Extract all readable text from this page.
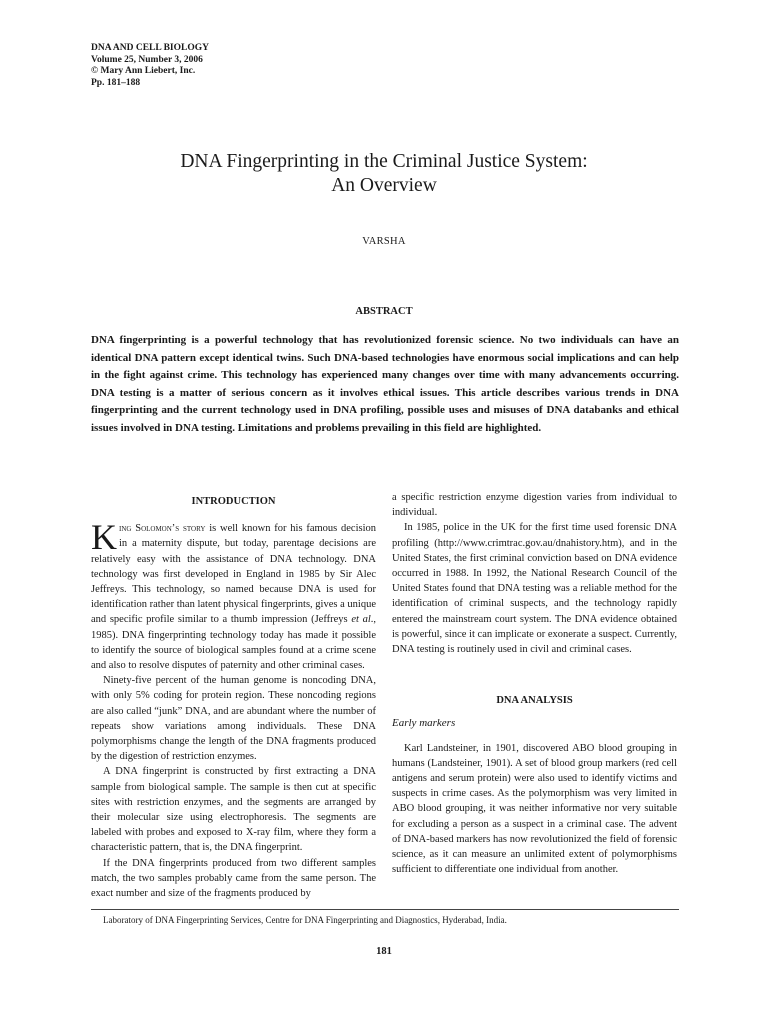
DNA AND CELL BIOLOGY
Volume 25, Number 3, 2006
© Mary Ann Liebert, Inc.
Pp. 181–188
DNA Fingerprinting in the Criminal Justice System:
An Overview
VARSHA
ABSTRACT
DNA fingerprinting is a powerful technology that has revolutionized forensic science. No two individuals can have an identical DNA pattern except identical twins. Such DNA-based technologies have enormous social implications and can help in the fight against crime. This technology has experienced many changes over time with many advancements occurring. DNA testing is a matter of serious concern as it involves ethical issues. This article describes various trends in DNA fingerprinting and the current technology used in DNA profiling, possible uses and misuses of DNA databanks and ethical issues involved in DNA testing. Limitations and problems prevailing in this field are highlighted.
INTRODUCTION

King Solomon’s story is well known for his famous decision in a maternity dispute, but today, parentage decisions are relatively easy with the assistance of DNA technology. DNA technology was first developed in England in 1985 by Sir Alec Jeffreys. This technology, so named because DNA is used for identification rather than latent physical fingerprints, gives a unique and specific profile similar to a thumb impression (Jeffreys et al., 1985). DNA fingerprinting technology today has made it possible to identify the source of biological samples found at a crime scene and also to resolve disputes of paternity and other criminal cases.

Ninety-five percent of the human genome is noncoding DNA, with only 5% coding for protein region. These noncoding regions are also called “junk” DNA, and are abundant where the number of repeats show variations among individuals. These DNA polymorphisms change the length of the DNA fragments produced by the digestion of restriction enzymes.

A DNA fingerprint is constructed by first extracting a DNA sample from biological sample. The sample is then cut at specific sites with restriction enzymes, and the segments are arranged by their molecular size using electrophoresis. The segments are labeled with probes and exposed to X-ray film, where they form a characteristic pattern, that is, the DNA fingerprint.

If the DNA fingerprints produced from two different samples match, the two samples probably came from the same person. The exact number and size of the fragments produced by

a specific restriction enzyme digestion varies from individual to individual.

In 1985, police in the UK for the first time used forensic DNA profiling (http://www.crimtrac.gov.au/dnahistory.htm), and in the United States, the first criminal conviction based on DNA evidence occurred in 1988. In 1992, the National Research Council of the United States found that DNA testing was a reliable method for the identification of criminal suspects, and the technology rapidly entered the mainstream court system. The DNA evidence obtained is powerful, since it can implicate or exonerate a suspect. Currently, DNA testing is routinely used in civil and criminal cases.

DNA ANALYSIS
Early markers

Karl Landsteiner, in 1901, discovered ABO blood grouping in humans (Landsteiner, 1901). A set of blood group markers (red cell antigens and serum protein) were also used to identify victims and suspects in crime cases. As the polymorphism was very limited in ABO blood grouping, it was neither informative nor very suitable for excluding a person as a suspect in a criminal case. The advent of DNA-based markers has now revolutionized the field of forensic science, as it can measure an unlimited extent of polymorphisms sufficient to differentiate one individual from another.

Laboratory of DNA Fingerprinting Services, Centre for DNA Fingerprinting and Diagnostics, Hyderabad, India.
181
